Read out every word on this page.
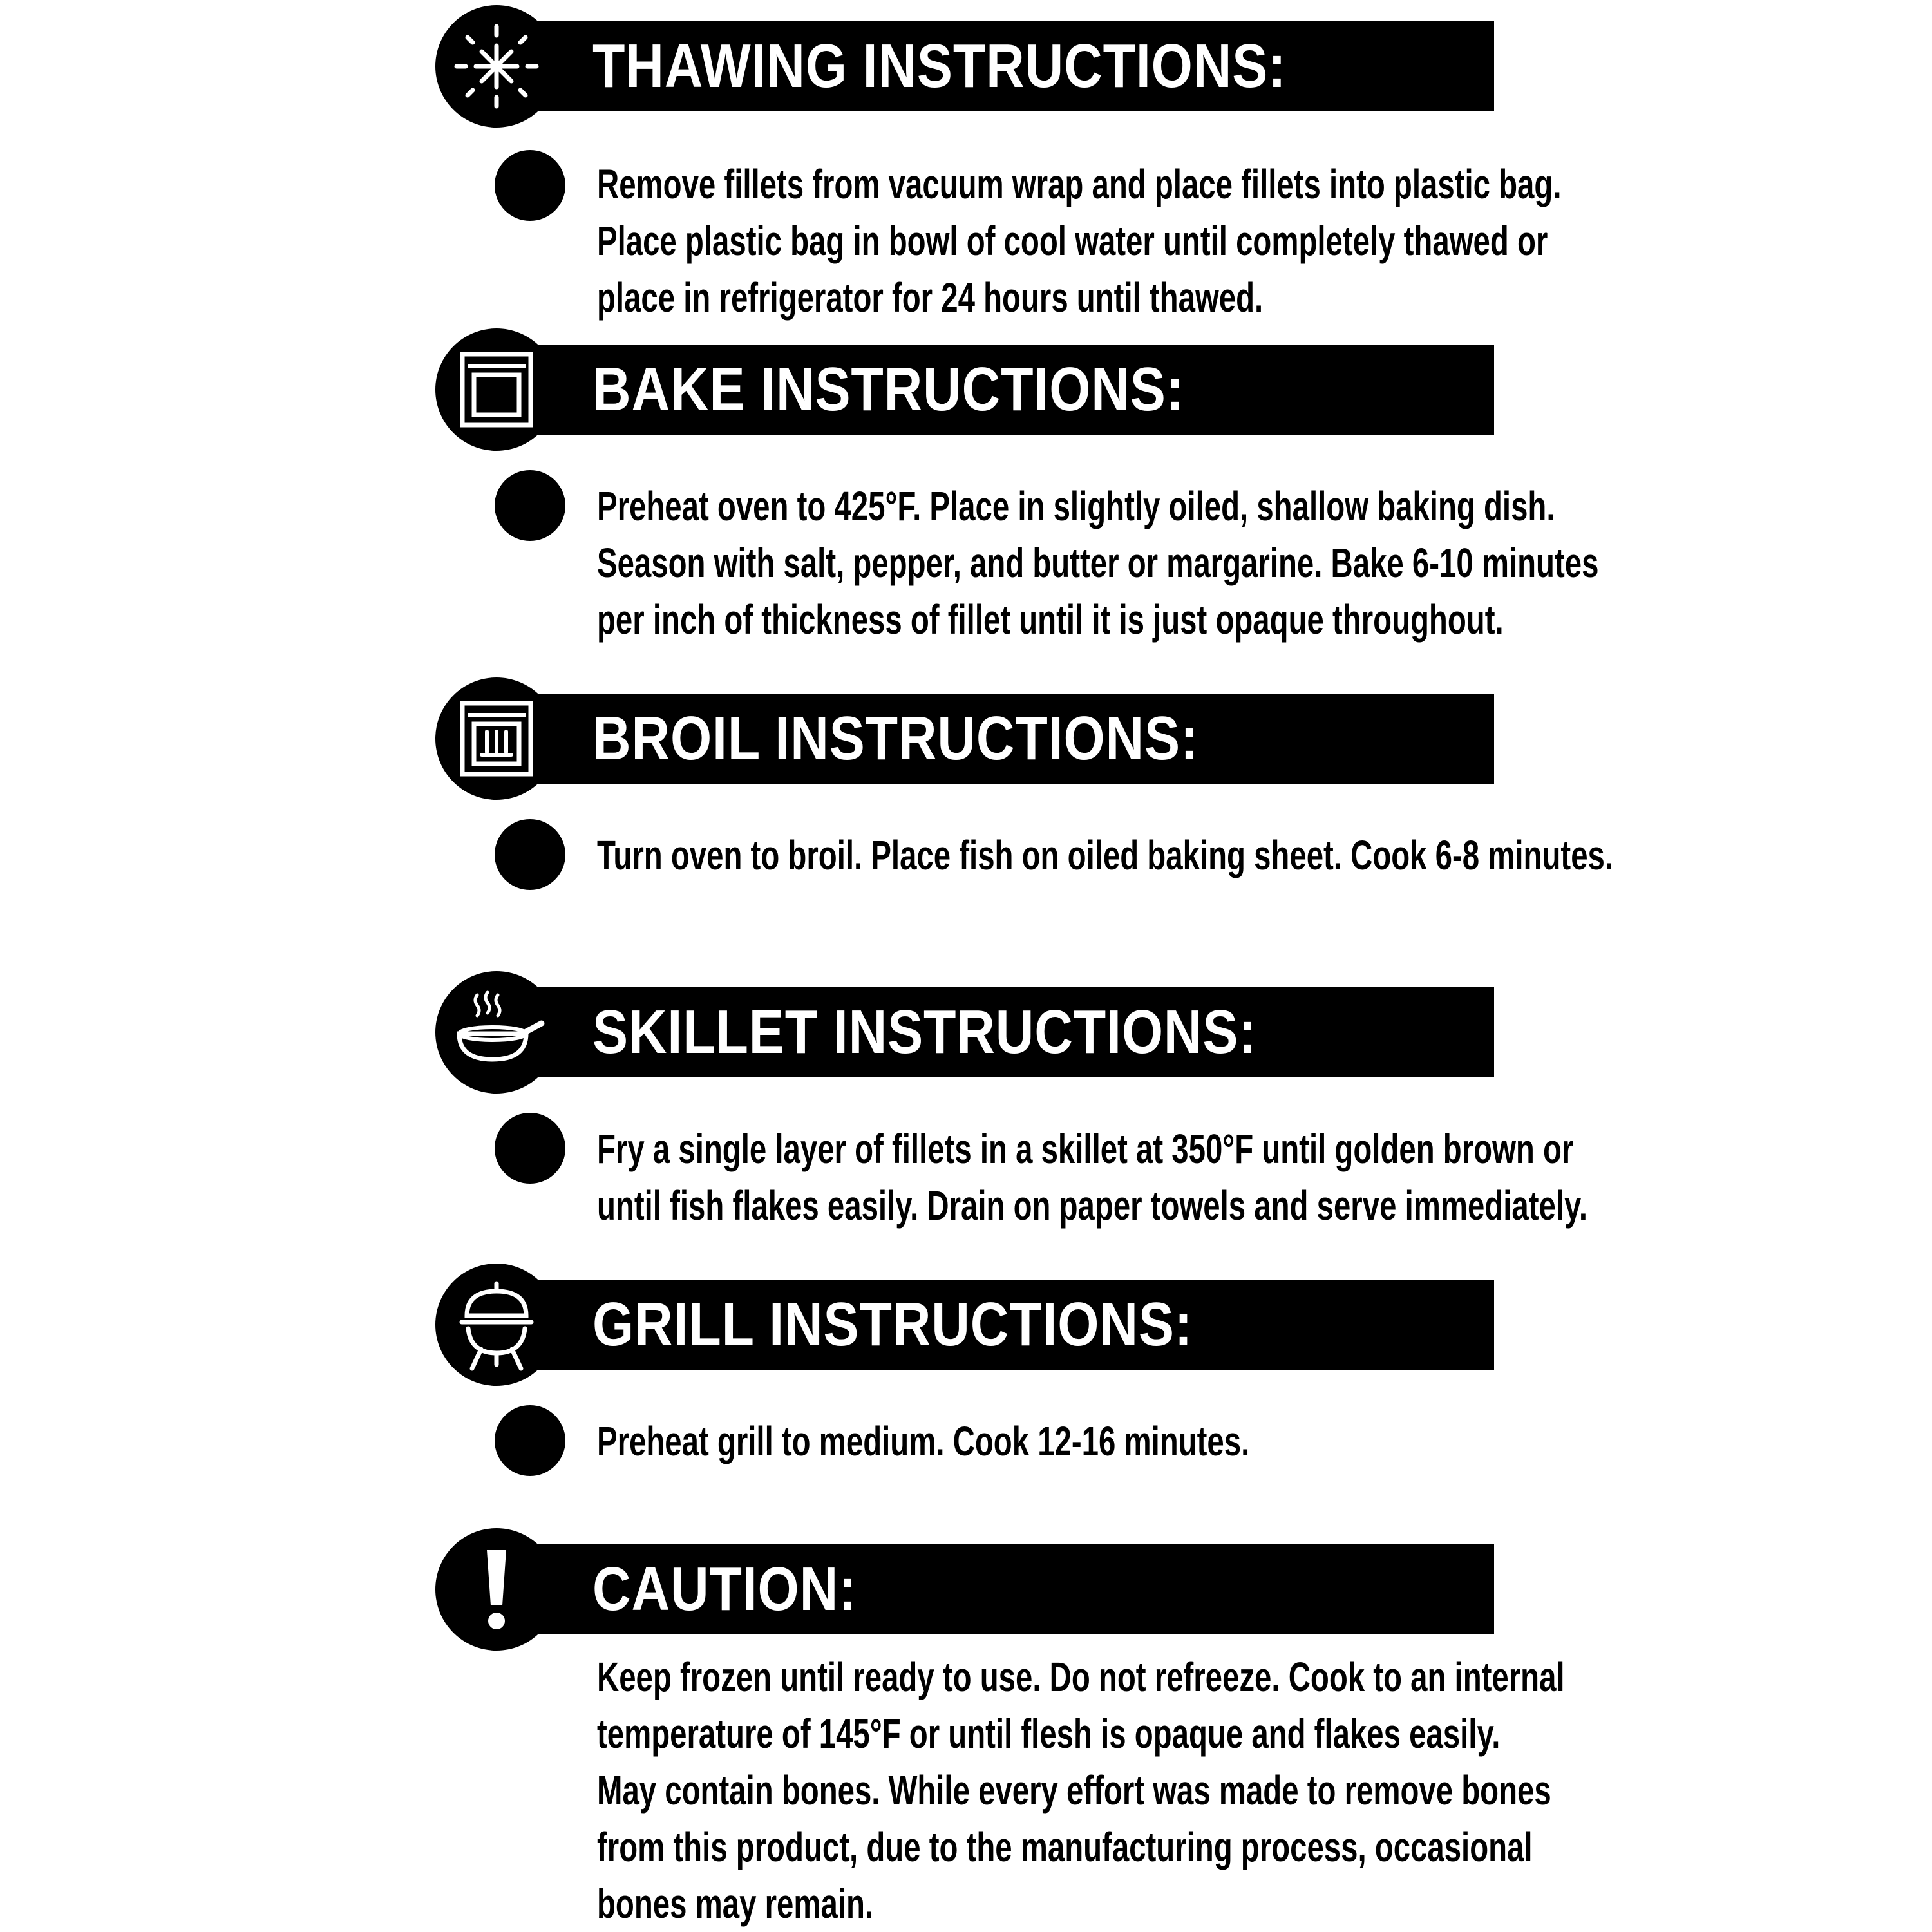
THAWING INSTRUCTIONS:

Remove fillets from vacuum wrap and place fillets into plastic bag.

Place plastic bag in bowl of cool water until completely thawed or

place in refrigerator for 24 hours until thawed.

BAKE INSTRUCTIONS:

Preheat oven to 425°F. Place in slightly oiled, shallow baking dish.

Season with salt, pepper, and butter or margarine. Bake 6-10 minutes

per inch of thickness of fillet until it is just opaque throughout.

BROIL INSTRUCTIONS:

Turn oven to broil. Place fish on oiled baking sheet. Cook 6-8 minutes.

SKILLET INSTRUCTIONS:

Fry a single layer of fillets in a skillet at 350°F until golden brown or

until fish flakes easily. Drain on paper towels and serve immediately.

GRILL INSTRUCTIONS:

Preheat grill to medium. Cook 12-16 minutes.

CAUTION:

Keep frozen until ready to use. Do not refreeze. Cook to an internal

temperature of 145°F or until flesh is opaque and flakes easily.

May contain bones. While every effort was made to remove bones

from this product, due to the manufacturing process, occasional

bones may remain.
